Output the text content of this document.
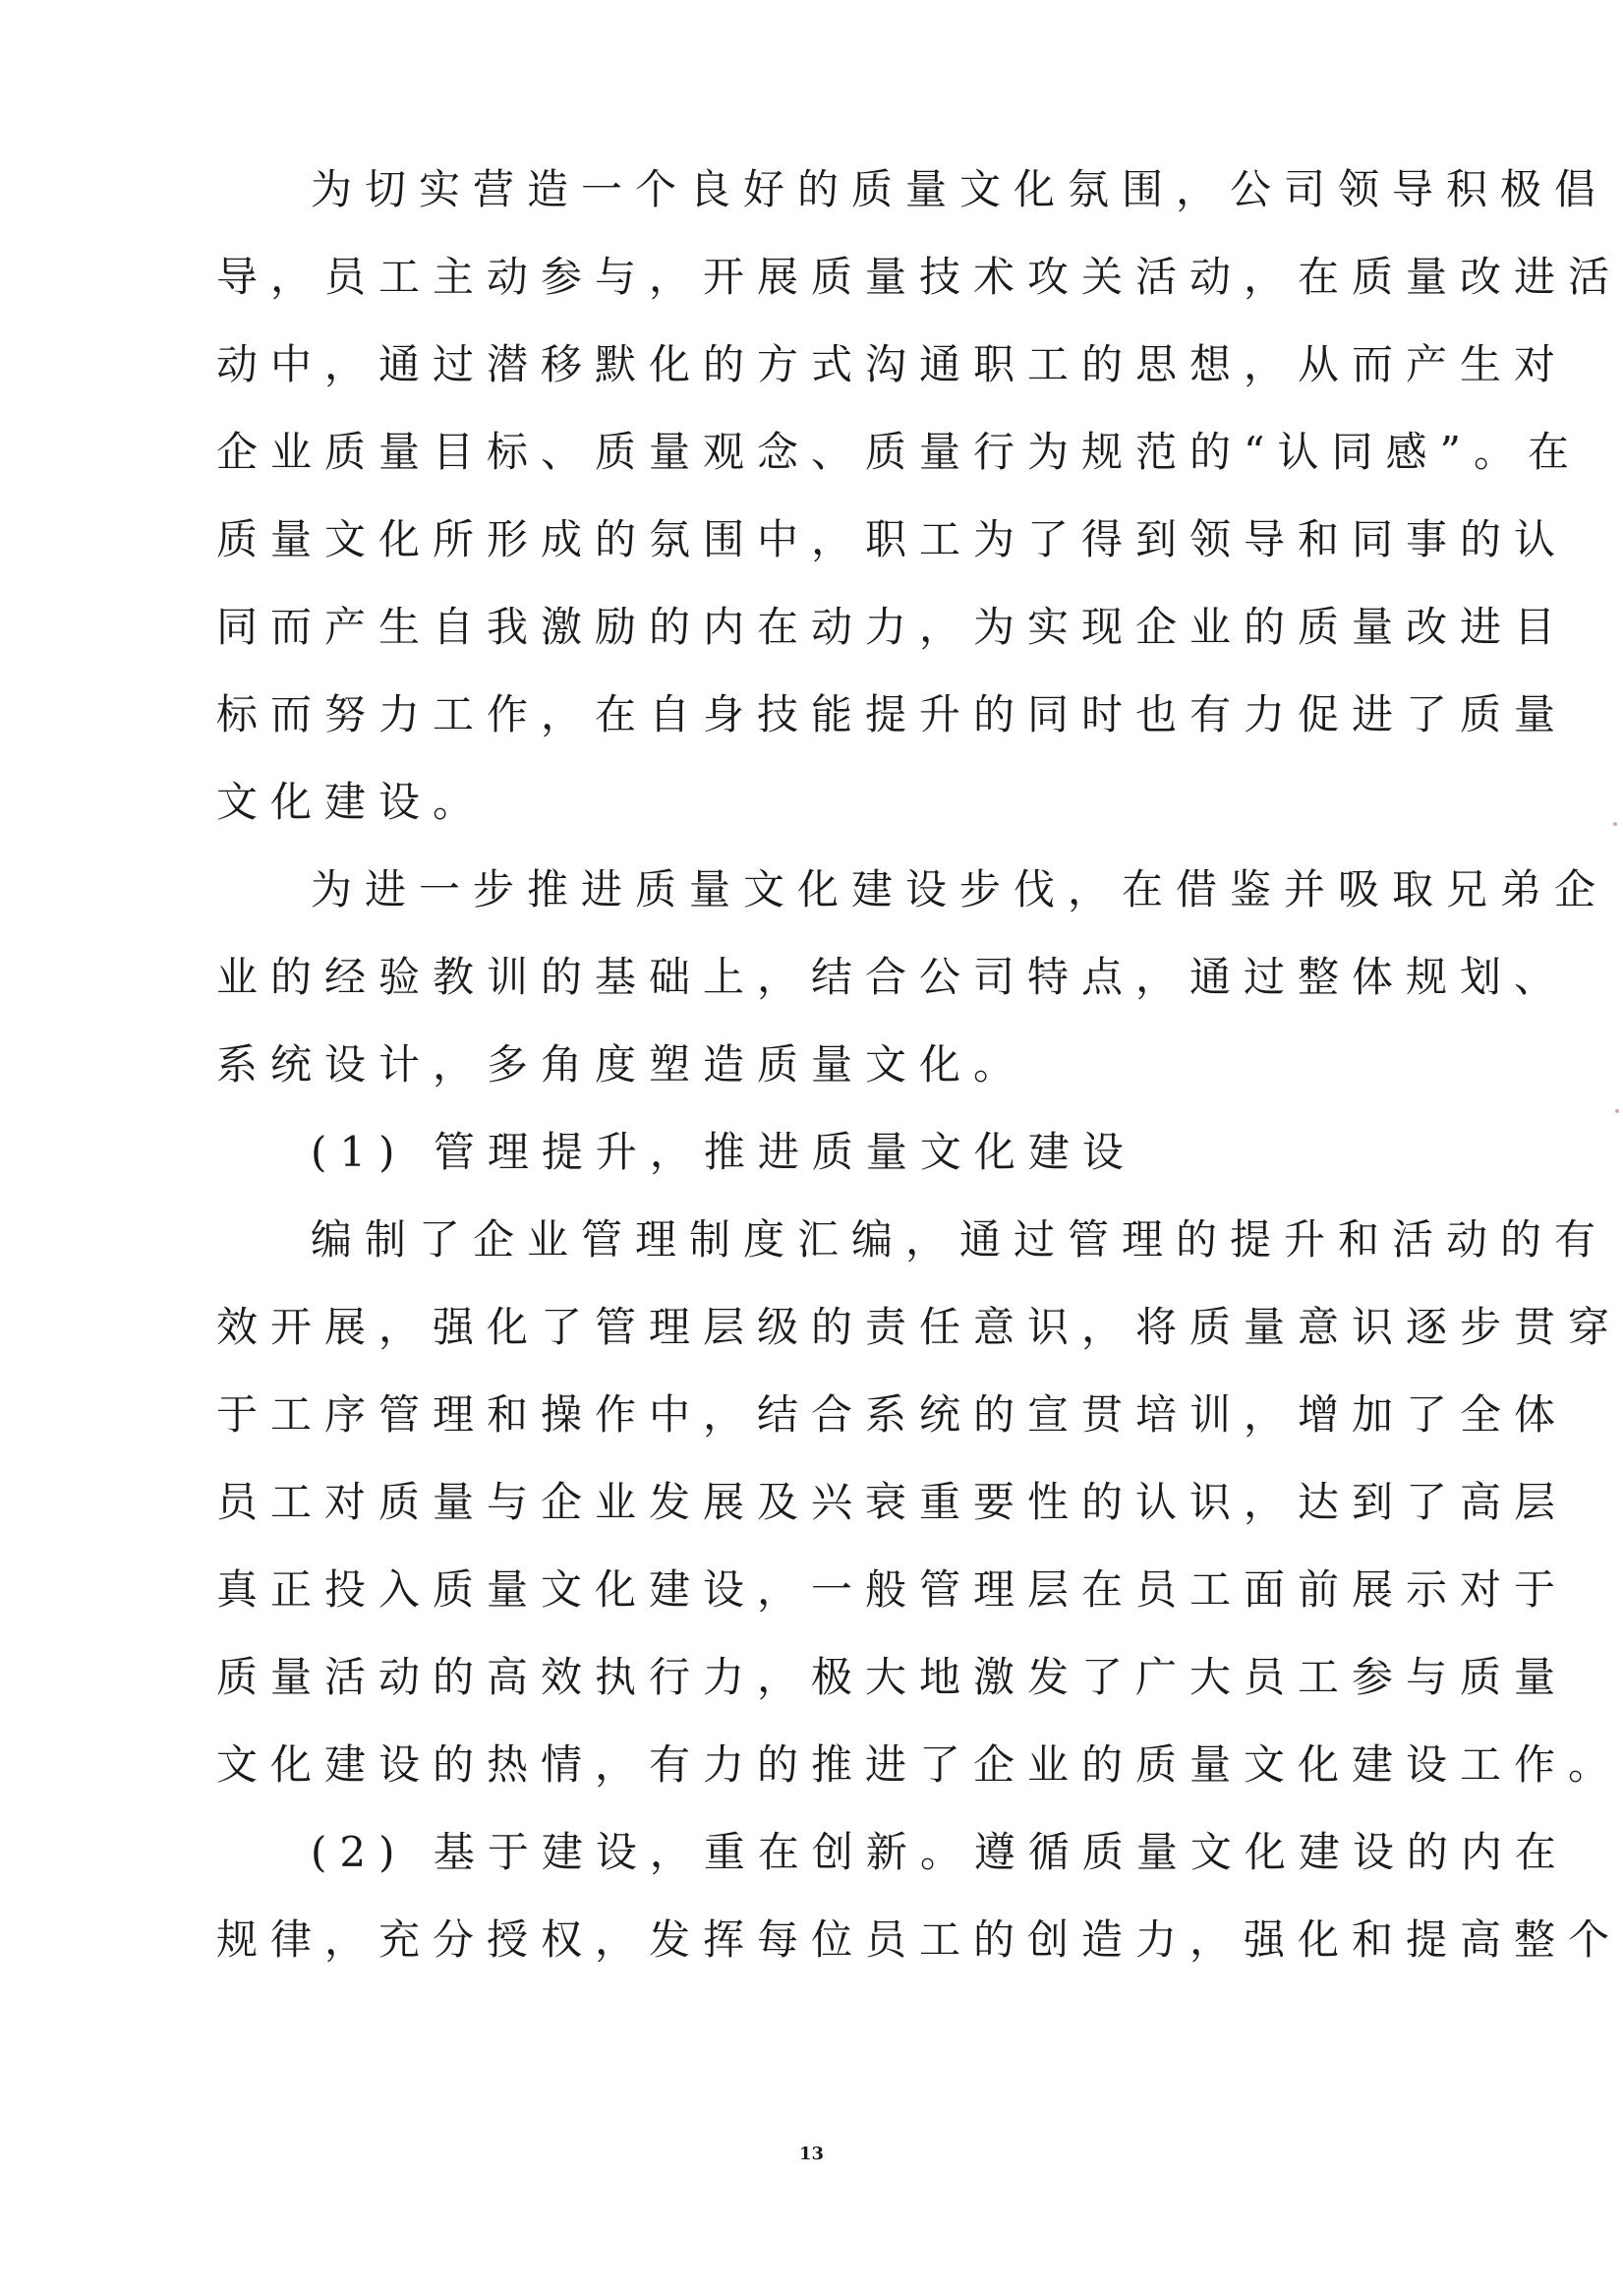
为切实营造一个良好的质量文化氛围，公司领导积极倡
导，员工主动参与，开展质量技术攻关活动，在质量改进活
动中，通过潜移默化的方式沟通职工的思想，从而产生对
企业质量目标、质量观念、质量行为规范的“认同感”。在
质量文化所形成的氛围中，职工为了得到领导和同事的认
同而产生自我激励的内在动力，为实现企业的质量改进目
标而努力工作，在自身技能提升的同时也有力促进了质量
文化建设。
为进一步推进质量文化建设步伐，在借鉴并吸取兄弟企
业的经验教训的基础上，结合公司特点，通过整体规划、
系统设计，多角度塑造质量文化。
(1) 管理提升，推进质量文化建设
编制了企业管理制度汇编，通过管理的提升和活动的有
效开展，强化了管理层级的责任意识，将质量意识逐步贯穿
于工序管理和操作中，结合系统的宣贯培训，增加了全体
员工对质量与企业发展及兴衰重要性的认识，达到了高层
真正投入质量文化建设，一般管理层在员工面前展示对于
质量活动的高效执行力，极大地激发了广大员工参与质量
文化建设的热情，有力的推进了企业的质量文化建设工作。
(2) 基于建设，重在创新。遵循质量文化建设的内在
规律，充分授权，发挥每位员工的创造力，强化和提高整个
13
